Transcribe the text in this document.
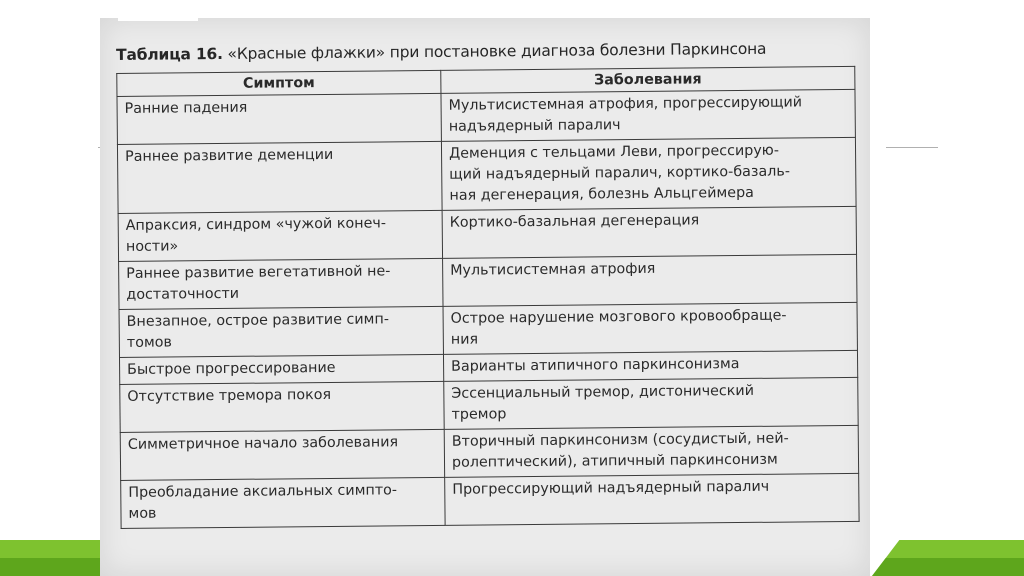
Таблица 16. «Красные флажки» при постановке диагноза болезни Паркинсона
Симптом	Заболевания

Ранние падения	Мультисистемная атрофия, прогрессирующий
надъядерный паралич

Раннее развитие деменции	Деменция с тельцами Леви, прогрессирую-
щий надъядерный паралич, кортико-базаль-
ная дегенерация, болезнь Альцгеймера

Апраксия, синдром «чужой конеч-
ности»	Кортико-базальная дегенерация

Раннее развитие вегетативной не-
достаточности	Мультисистемная атрофия

Внезапное, острое развитие симп-
томов	Острое нарушение мозгового кровообраще-
ния

Быстрое прогрессирование	Варианты атипичного паркинсонизма

Отсутствие тремора покоя	Эссенциальный тремор, дистонический
тремор

Симметричное начало заболевания	Вторичный паркинсонизм (сосудистый, ней-
ролептический), атипичный паркинсонизм

Преобладание аксиальных симпто-
мов	Прогрессирующий надъядерный паралич
